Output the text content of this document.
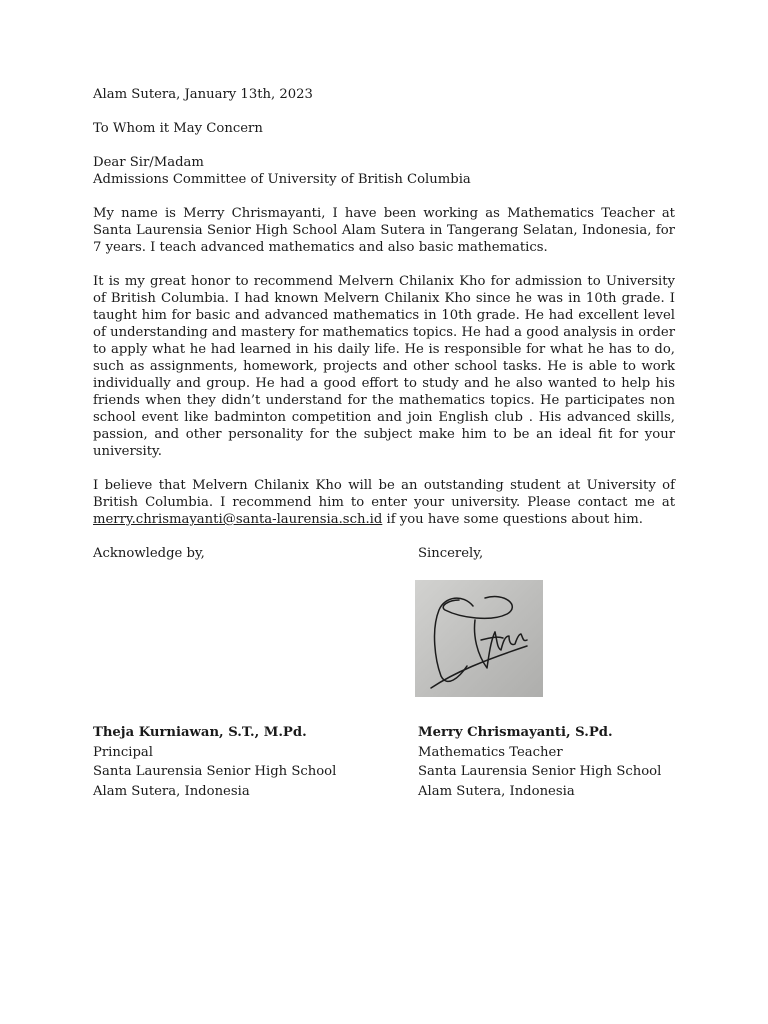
Alam Sutera, January 13th, 2023

To Whom it May Concern

Dear Sir/Madam

Admissions Committee of University of British Columbia

My name is Merry Chrismayanti, I have been working as Mathematics Teacher at Santa Laurensia Senior High School Alam Sutera in Tangerang Selatan, Indonesia, for 7 years. I teach advanced mathematics and also basic mathematics.

It is my great honor to recommend Melvern Chilanix Kho for admission to University of British Columbia. I had known Melvern Chilanix Kho since he was in 10th grade. I taught him for basic and advanced mathematics in 10th grade. He had excellent level of understanding and mastery for mathematics topics. He had a good analysis in order to apply what he had learned in his daily life. He is responsible for what he has to do, such as assignments, homework, projects and other school tasks. He is able to work individually and group. He had a good effort to study and he also wanted to help his friends when they didn’t understand for the mathematics topics. He participates non school event like badminton competition and join English club . His advanced skills, passion, and other personality for the subject make him to be an ideal fit for your university.

I believe that Melvern Chilanix Kho will be an outstanding student at University of British Columbia. I recommend him to enter your university. Please contact me at merry.chrismayanti@santa-laurensia.sch.id if you have some questions about him.

Acknowledge by,	Sincerely,
Theja Kurniawan, S.T., M.Pd.
Principal
Santa Laurensia Senior High School
Alam Sutera, Indonesia
Merry Chrismayanti, S.Pd.
Mathematics Teacher
Santa Laurensia Senior High School
Alam Sutera, Indonesia
